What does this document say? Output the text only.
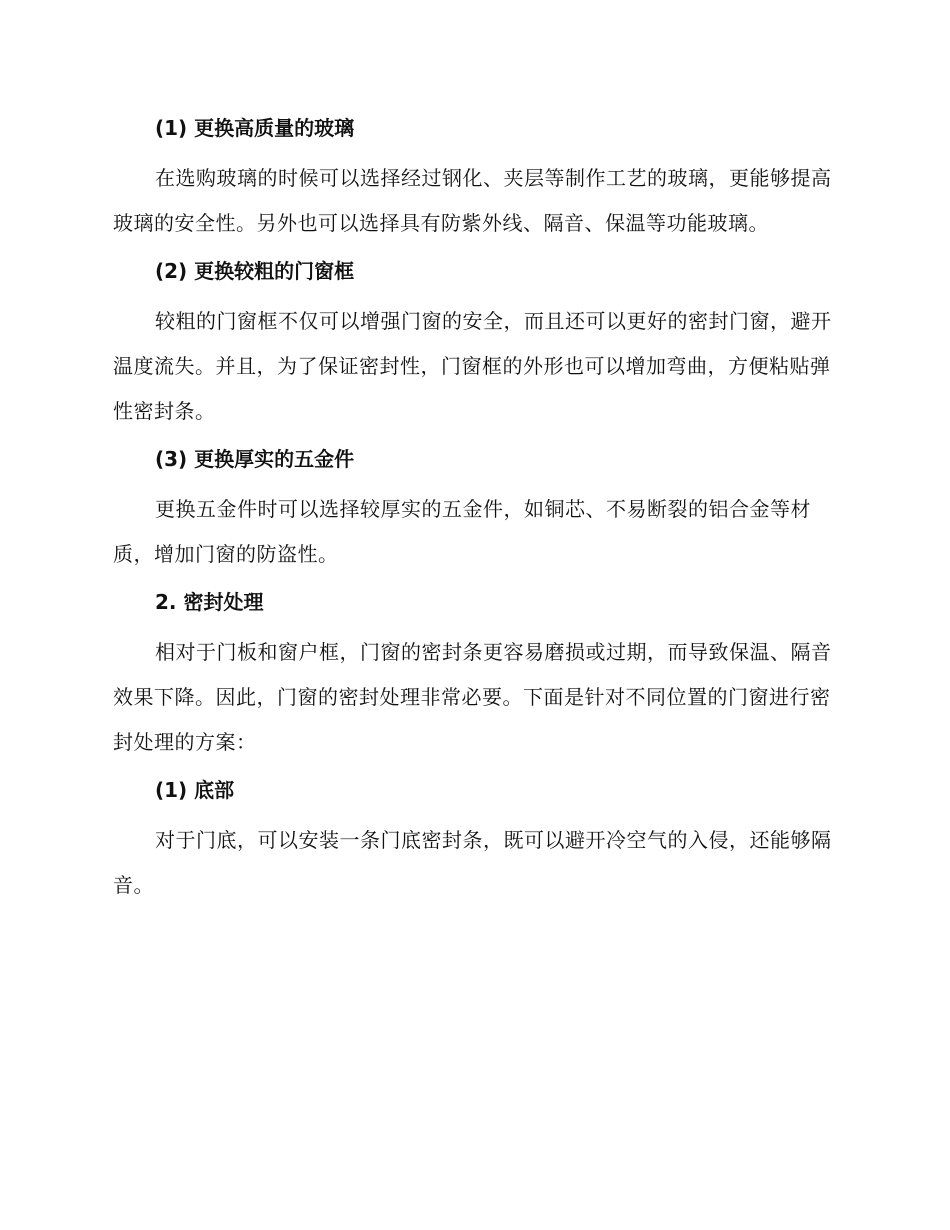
(1) 更换高质量的玻璃

在选购玻璃的时候可以选择经过钢化、夹层等制作工艺的玻璃，更能够提高玻璃的安全性。另外也可以选择具有防紫外线、隔音、保温等功能玻璃。

(2) 更换较粗的门窗框

较粗的门窗框不仅可以增强门窗的安全，而且还可以更好的密封门窗，避开温度流失。并且，为了保证密封性，门窗框的外形也可以增加弯曲，方便粘贴弹性密封条。

(3) 更换厚实的五金件

更换五金件时可以选择较厚实的五金件，如铜芯、不易断裂的铝合金等材质，增加门窗的防盗性。

2. 密封处理

相对于门板和窗户框，门窗的密封条更容易磨损或过期，而导致保温、隔音效果下降。因此，门窗的密封处理非常必要。下面是针对不同位置的门窗进行密封处理的方案：

(1) 底部

对于门底，可以安装一条门底密封条，既可以避开冷空气的入侵，还能够隔音。
